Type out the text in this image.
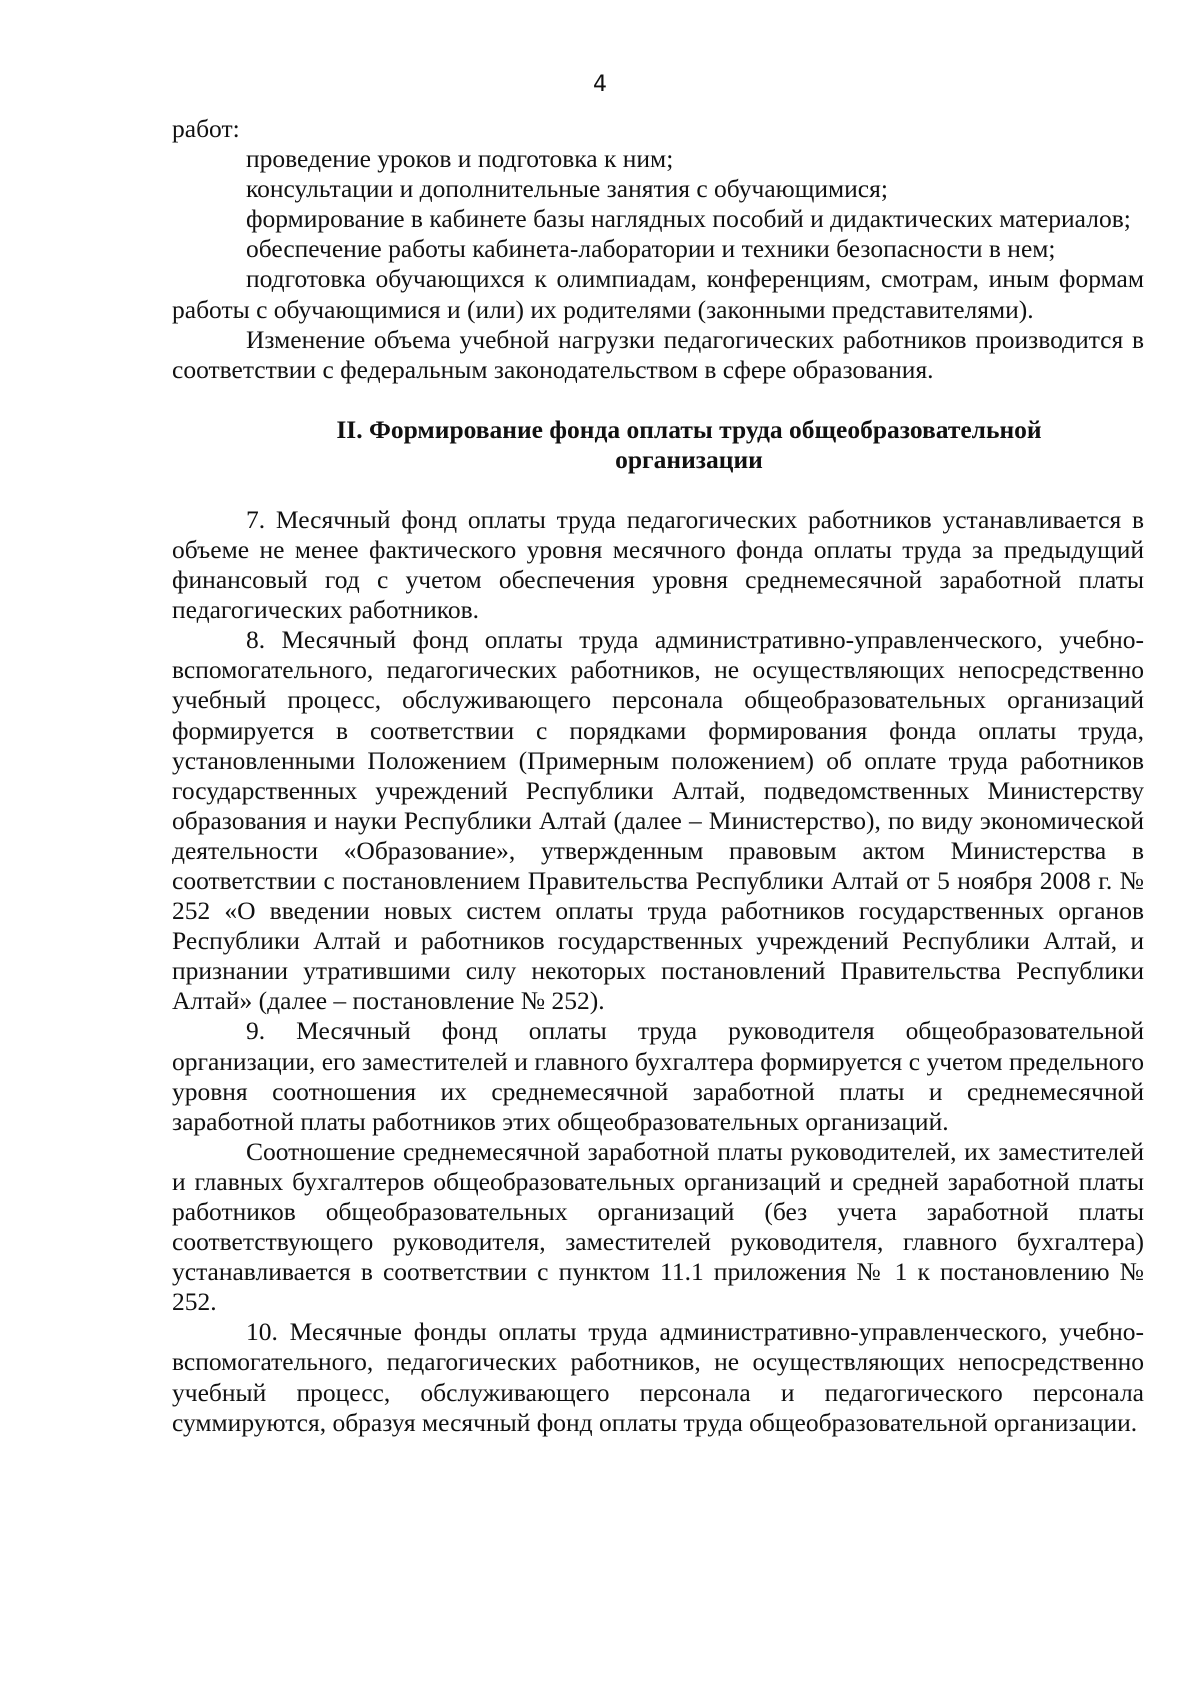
4

работ:

проведение уроков и подготовка к ним;

консультации и дополнительные занятия с обучающимися;

формирование в кабинете базы наглядных пособий и дидактических материалов;

обеспечение работы кабинета-лаборатории и техники безопасности в нем;

подготовка обучающихся к олимпиадам, конференциям, смотрам, иным формам работы с обучающимися и (или) их родителями (законными представителями).

Изменение объема учебной нагрузки педагогических работников производится в соответствии с федеральным законодательством в сфере образования.

II. Формирование фонда оплаты труда общеобразовательной
организации

7. Месячный фонд оплаты труда педагогических работников устанавливается в объеме не менее фактического уровня месячного фонда оплаты труда за предыдущий финансовый год с учетом обеспечения уровня среднемесячной заработной платы педагогических работников.

8. Месячный фонд оплаты труда административно-управленческого, учебно-вспомогательного, педагогических работников, не осуществляющих непосредственно учебный процесс, обслуживающего персонала общеобразовательных организаций формируется в соответствии с порядками формирования фонда оплаты труда, установленными Положением (Примерным положением) об оплате труда работников государственных учреждений Республики Алтай, подведомственных Министерству образования и науки Республики Алтай (далее – Министерство), по виду экономической деятельности «Образование», утвержденным правовым актом Министерства в соответствии с постановлением Правительства Республики Алтай от 5 ноября 2008 г. № 252 «О введении новых систем оплаты труда работников государственных органов Республики Алтай и работников государственных учреждений Республики Алтай, и признании утратившими силу некоторых постановлений Правительства Республики Алтай» (далее – постановление № 252).

9. Месячный фонд оплаты труда руководителя общеобразовательной организации, его заместителей и главного бухгалтера формируется с учетом предельного уровня соотношения их среднемесячной заработной платы и среднемесячной заработной платы работников этих общеобразовательных организаций.

Соотношение среднемесячной заработной платы руководителей, их заместителей и главных бухгалтеров общеобразовательных организаций и средней заработной платы работников общеобразовательных организаций (без учета заработной платы соответствующего руководителя, заместителей руководителя, главного бухгалтера) устанавливается в соответствии с пунктом 11.1 приложения № 1 к постановлению № 252.

10. Месячные фонды оплаты труда административно-управленческого, учебно-вспомогательного, педагогических работников, не осуществляющих непосредственно учебный процесс, обслуживающего персонала и педагогического персонала суммируются, образуя месячный фонд оплаты труда общеобразовательной организации.
